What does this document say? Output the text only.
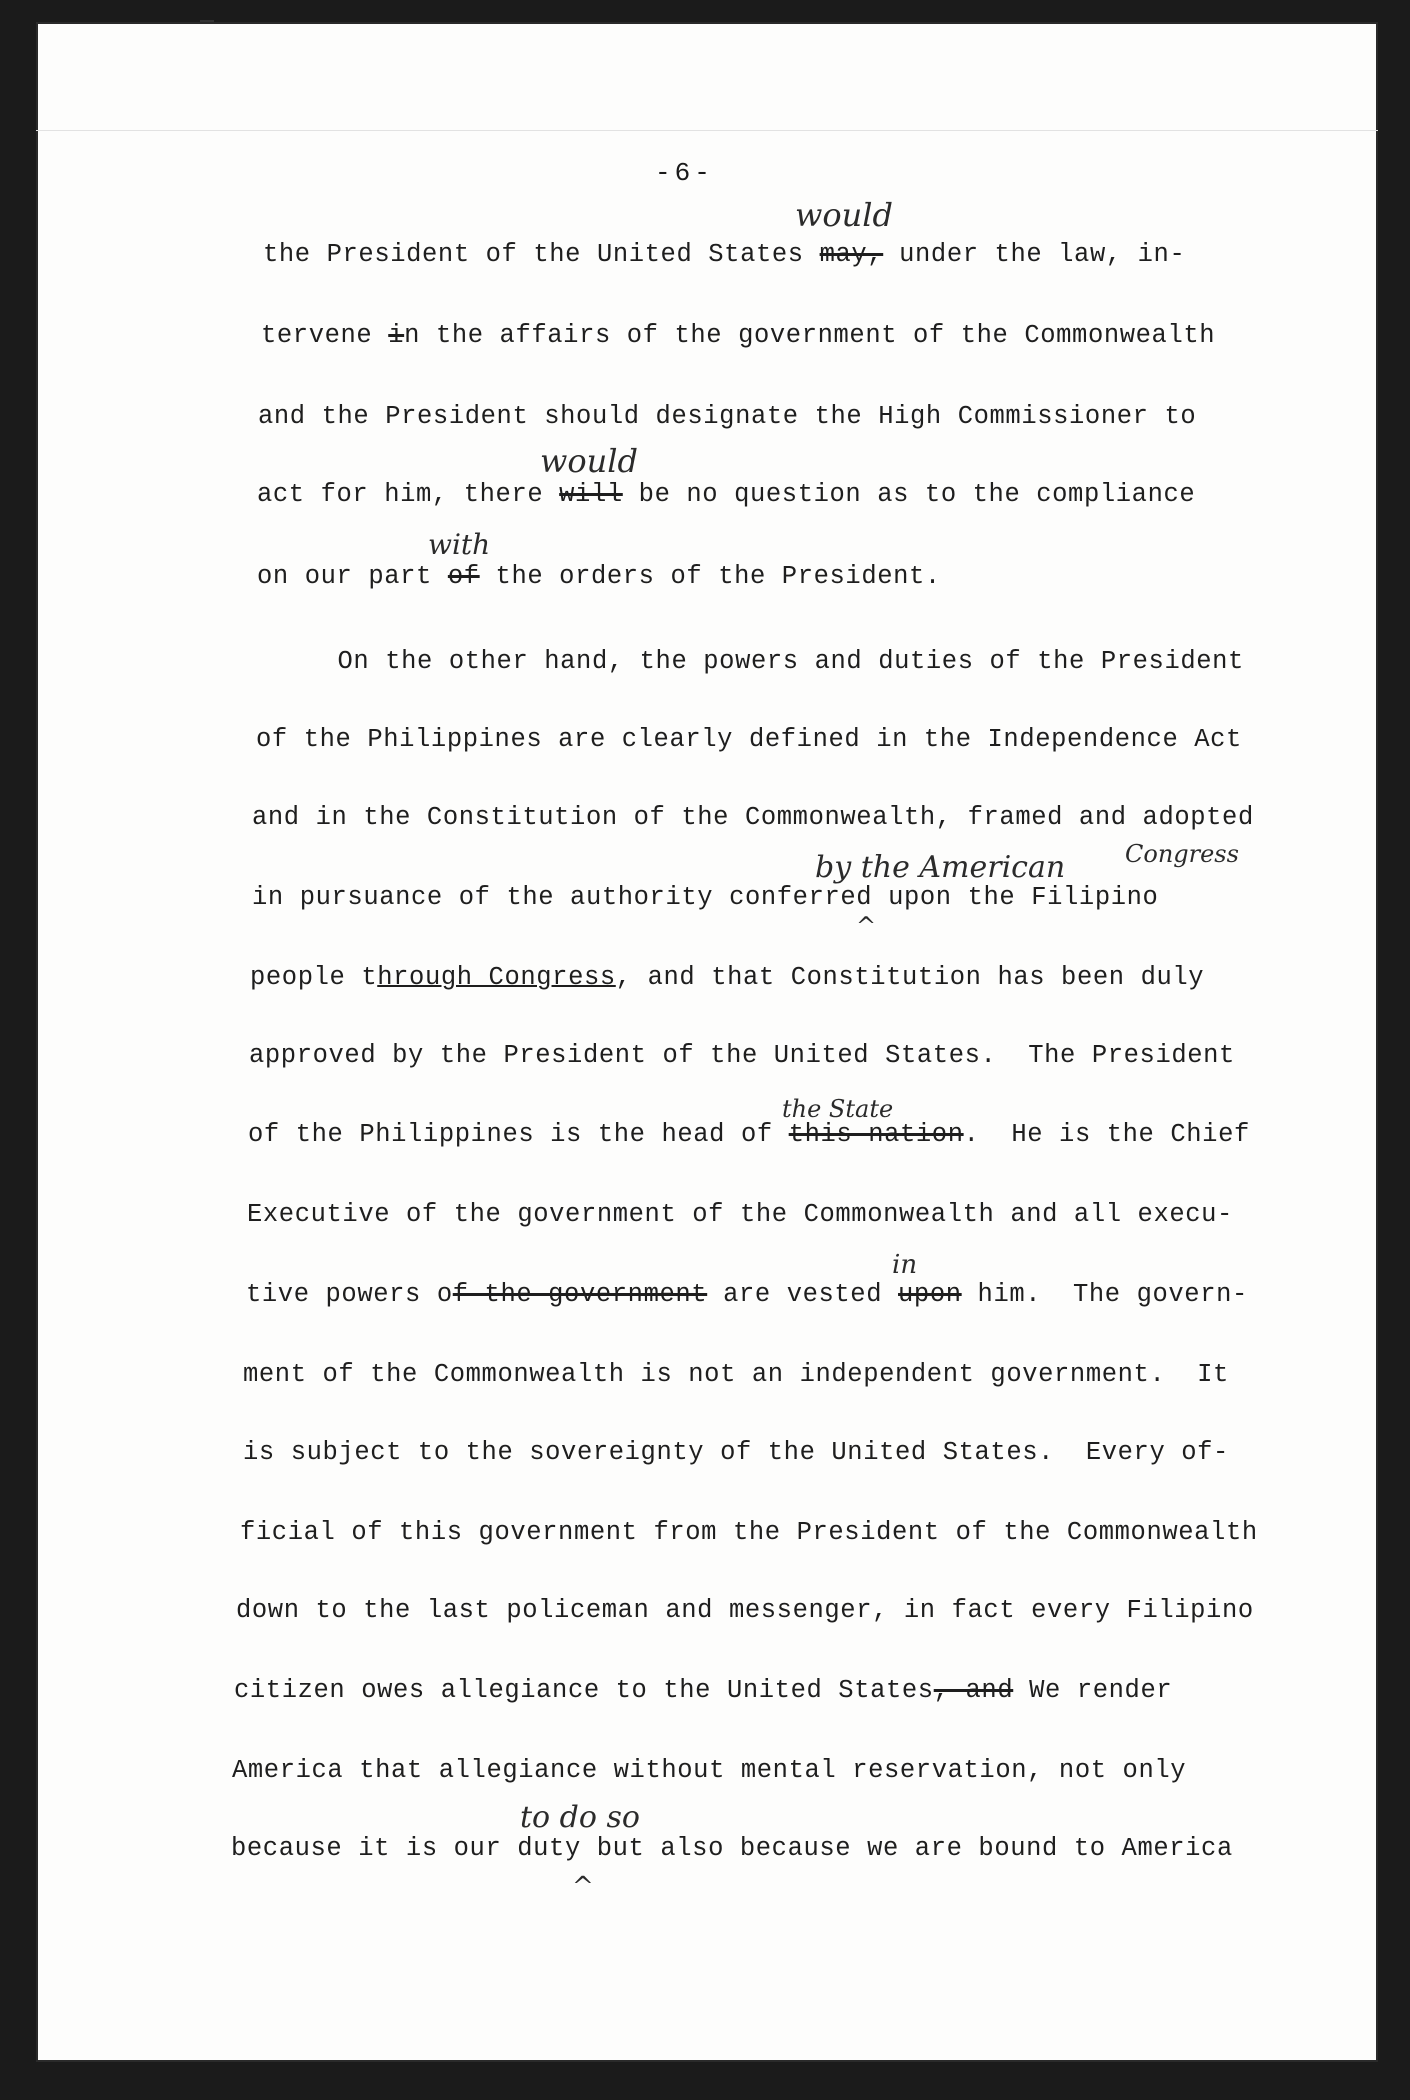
-6-
the President of the United States may, under the law, in-
tervene in the affairs of the government of the Commonwealth
and the President should designate the High Commissioner to
act for him, there will be no question as to the compliance
on our part of the orders of the President.
On the other hand, the powers and duties of the President
of the Philippines are clearly defined in the Independence Act
and in the Constitution of the Commonwealth, framed and adopted
in pursuance of the authority conferred upon the Filipino
people through Congress, and that Constitution has been duly
approved by the President of the United States.  The President
of the Philippines is the head of this nation.  He is the Chief
Executive of the government of the Commonwealth and all execu-
tive powers of the government are vested upon him.  The govern-
ment of the Commonwealth is not an independent government.  It
is subject to the sovereignty of the United States.  Every of-
ficial of this government from the President of the Commonwealth
down to the last policeman and messenger, in fact every Filipino
citizen owes allegiance to the United States, and We render
America that allegiance without mental reservation, not only
because it is our duty but also because we are bound to America
would
would
with
by the American Congress
the State
in
to do so
^
^
